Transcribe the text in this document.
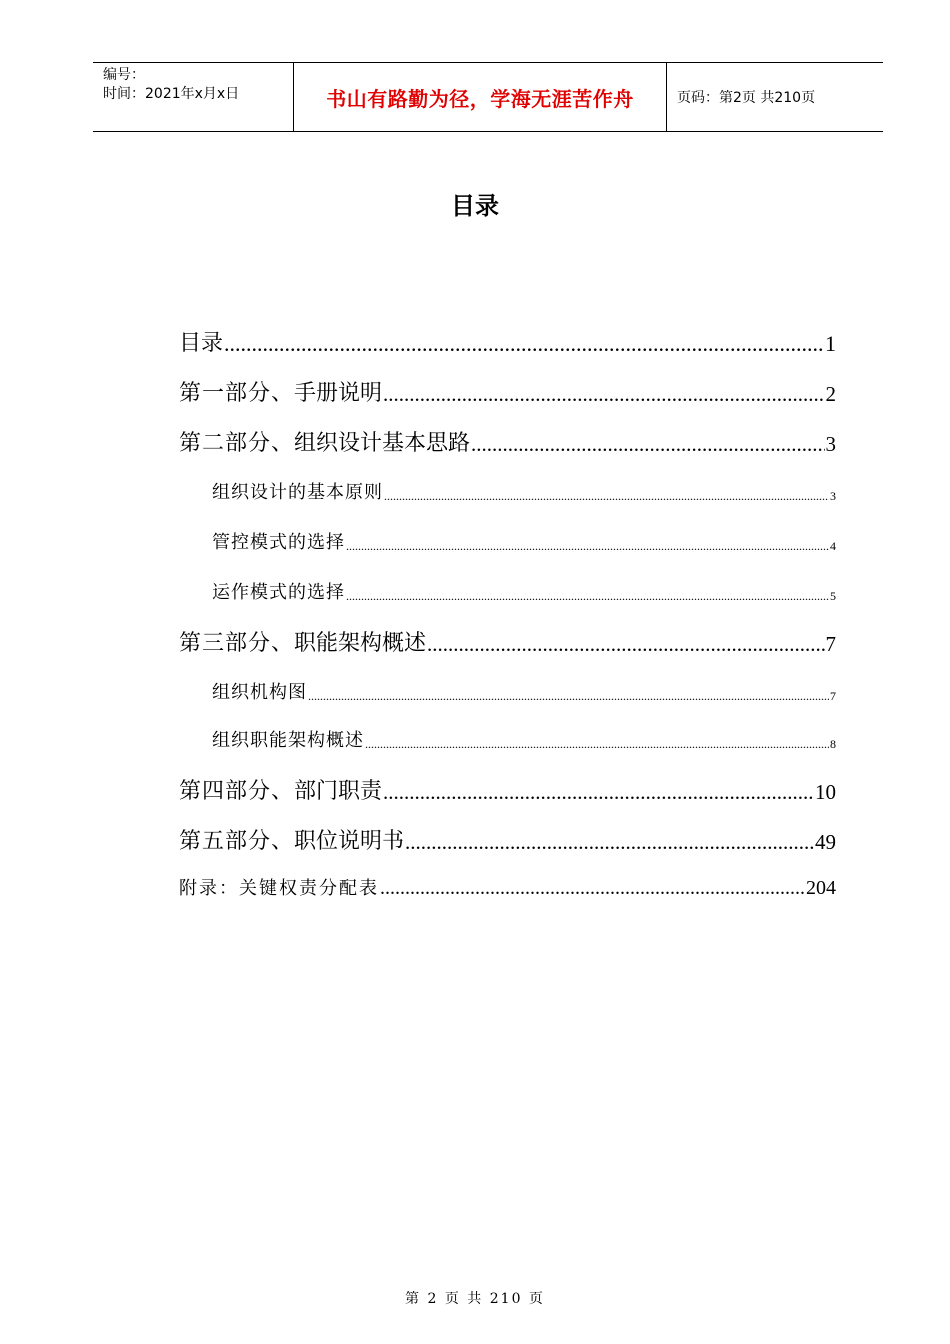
编号：
时间：2021年x月x日	书山有路勤为径，学海无涯苦作舟	页码：第2页 共210页
目录
目录 .....	1
第一部分、手册说明 .....	2
第二部分、组织设计基本思路 .....	3
组织设计的基本原则 .....	3
管控模式的选择 .....	4
运作模式的选择 .....	5
第三部分、职能架构概述 .....	7
组织机构图 .....	7
组织职能架构概述 .....	8
第四部分、部门职责 .....	10
第五部分、职位说明书 .....	49
附录：关键权责分配表 .....	204
第 2 页 共 210 页
